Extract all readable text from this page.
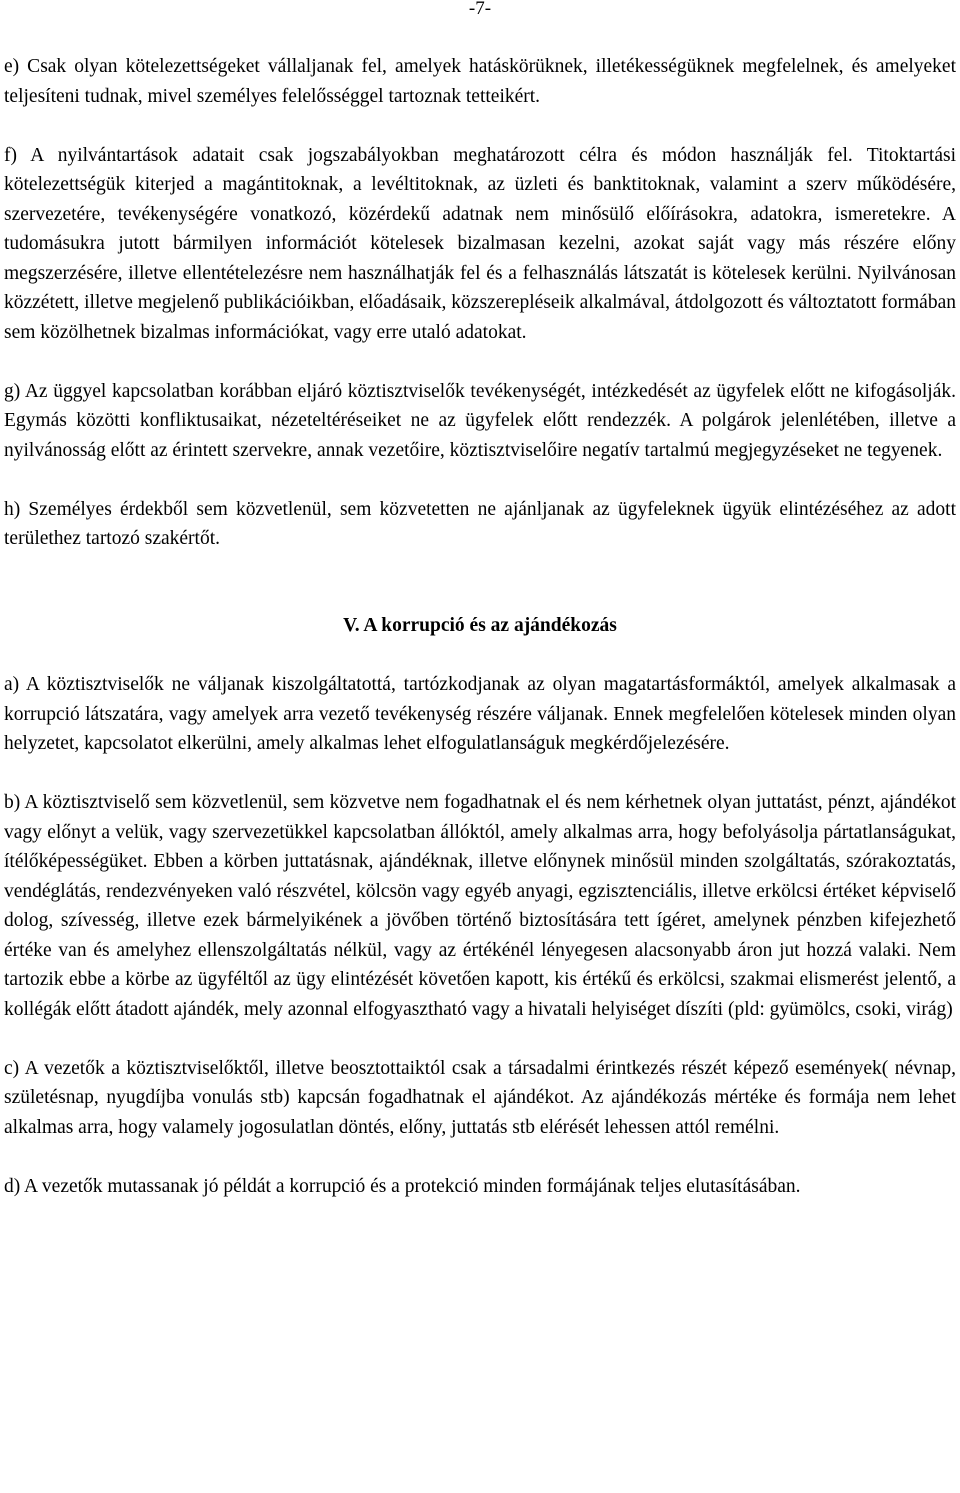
-7-

e) Csak olyan kötelezettségeket vállaljanak fel, amelyek hatáskörüknek, illetékességüknek megfelelnek, és amelyeket teljesíteni tudnak, mivel személyes felelősséggel tartoznak tetteikért.

f) A nyilvántartások adatait csak jogszabályokban meghatározott célra és módon használják fel. Titoktartási kötelezettségük kiterjed a magántitoknak, a levéltitoknak, az üzleti és banktitoknak, valamint a szerv működésére, szervezetére, tevékenységére vonatkozó, közérdekű adatnak nem minősülő előírásokra, adatokra, ismeretekre. A tudomásukra jutott bármilyen információt kötelesek bizalmasan kezelni, azokat saját vagy más részére előny megszerzésére, illetve ellentételezésre nem használhatják fel és a felhasználás látszatát is kötelesek kerülni. Nyilvánosan közzétett, illetve megjelenő publikációikban, előadásaik, közszerepléseik alkalmával, átdolgozott és változtatott formában sem közölhetnek bizalmas információkat, vagy erre utaló adatokat.

g) Az üggyel kapcsolatban korábban eljáró köztisztviselők tevékenységét, intézkedését az ügyfelek előtt ne kifogásolják. Egymás közötti konfliktusaikat, nézeteltéréseiket ne az ügyfelek előtt rendezzék. A polgárok jelenlétében, illetve a nyilvánosság előtt az érintett szervekre, annak vezetőire, köztisztviselőire negatív tartalmú megjegyzéseket ne tegyenek.

h) Személyes érdekből sem közvetlenül, sem közvetetten ne ajánljanak az ügyfeleknek ügyük elintézéséhez az adott területhez tartozó szakértőt.

V. A korrupció és az ajándékozás

a) A köztisztviselők ne váljanak kiszolgáltatottá, tartózkodjanak az olyan magatartásformáktól, amelyek alkalmasak a korrupció látszatára, vagy amelyek arra vezető tevékenység részére váljanak. Ennek megfelelően kötelesek minden olyan helyzetet, kapcsolatot elkerülni, amely alkalmas lehet elfogulatlanságuk megkérdőjelezésére.

b) A köztisztviselő sem közvetlenül, sem közvetve nem fogadhatnak el és nem kérhetnek olyan juttatást, pénzt, ajándékot vagy előnyt a velük, vagy szervezetükkel kapcsolatban állóktól, amely alkalmas arra, hogy befolyásolja pártatlanságukat, ítélőképességüket. Ebben a körben juttatásnak, ajándéknak, illetve előnynek minősül minden szolgáltatás, szórakoztatás, vendéglátás, rendezvényeken való részvétel, kölcsön vagy egyéb anyagi, egzisztenciális, illetve erkölcsi értéket képviselő dolog, szívesség, illetve ezek bármelyikének a jövőben történő biztosítására tett ígéret, amelynek pénzben kifejezhető értéke van és amelyhez ellenszolgáltatás nélkül, vagy az értékénél lényegesen alacsonyabb áron jut hozzá valaki. Nem tartozik ebbe a körbe az ügyféltől az ügy elintézését követően kapott, kis értékű és erkölcsi, szakmai elismerést jelentő, a kollégák előtt átadott ajándék, mely azonnal elfogyasztható vagy a hivatali helyiséget díszíti (pld: gyümölcs, csoki, virág)

c) A vezetők a köztisztviselőktől, illetve beosztottaiktól csak a társadalmi érintkezés részét képező események( névnap, születésnap, nyugdíjba vonulás stb) kapcsán fogadhatnak el ajándékot. Az ajándékozás mértéke és formája nem lehet alkalmas arra, hogy valamely jogosulatlan döntés, előny, juttatás stb elérését lehessen attól remélni.

d) A vezetők mutassanak jó példát a korrupció és a protekció minden formájának teljes elutasításában.
